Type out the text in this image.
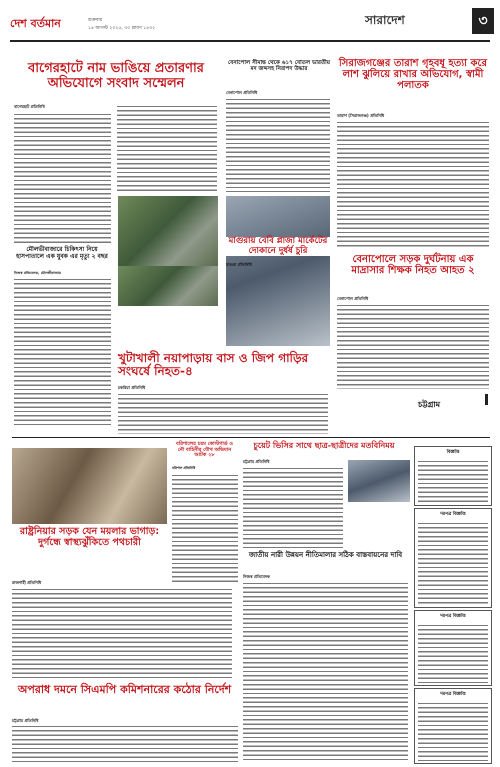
দেশ বর্তমান	শুক্রবার
১৪ আগস্ট ২০২৫, ৩০ শ্রাবণ ১৪৩২
সারাদেশ	৩
বাগেরহাটে নাম ভাঙিয়ে প্রতারণার অভিযোগে সংবাদ সম্মেলন
বাগেরহাট প্রতিনিধি
মৌলভীবাজারে চিকিৎসা নিয়ে হাসপাতালে এক যুবক এর মৃত্যু ২ বছর
নিজস্ব প্রতিবেদক, মৌলভীবাজার
খুটাখালী নয়াপাড়ায় বাস ও জিপ গাড়ির সংঘর্ষে নিহত-৪
চকরিয়া প্রতিনিধি
বেনাপোল সীমান্ত থেকে ৬১৭ বোতল ভারতীয় মদ জব্দসহ নিরাপদ উদ্ধার
বেনাপোল প্রতিনিধি
মাগুরায় বেবি প্লাজা মার্কেটের দোকানে দুর্ধর্ষ চুরি
মাগুরা প্রতিনিধি
সিরাজগঞ্জের তারাশ গৃহবধূ হত্যা করে লাশ ঝুলিয়ে রাখার অভিযোগ, স্বামী পলাতক
তারাশ (সিরাজগঞ্জ) প্রতিনিধি
বেনাপোলে সড়ক দুর্ঘটনায় এক মাদ্রাসার শিক্ষক নিহত আহত ২
বেনাপোল প্রতিনিধি
চট্টগ্রাম
রাষ্ট্রনিয়ার সড়ক যেন ময়লার ভাগাড়: দুর্গন্ধে স্বাস্থ্যঝুঁকিতে পথচারী
রাজশাহী প্রতিনিধি
বরিশালের চরম কোস্টগার্ড ও নৌ বাহিনীর যৌথ অভিযান আটক ২৮
বরিশাল প্রতিনিধি
অপরাধ দমনে সিএমপি কমিশনারের কঠোর নির্দেশ
চট্টগ্রাম প্রতিনিধি
চুয়েট ভিসির সাথে ছাত্র-ছাত্রীদের মতবিনিময়
চট্টগ্রাম প্রতিনিধি
জাতীয় নারী উন্নয়ন নীতিমালার সঠিক বাস্তবায়নের দাবি
নিজস্ব প্রতিবেদক
বিজ্ঞপ্তি
দরপত্র বিজ্ঞপ্তি
দরপত্র বিজ্ঞপ্তি
দরপত্র বিজ্ঞপ্তি
